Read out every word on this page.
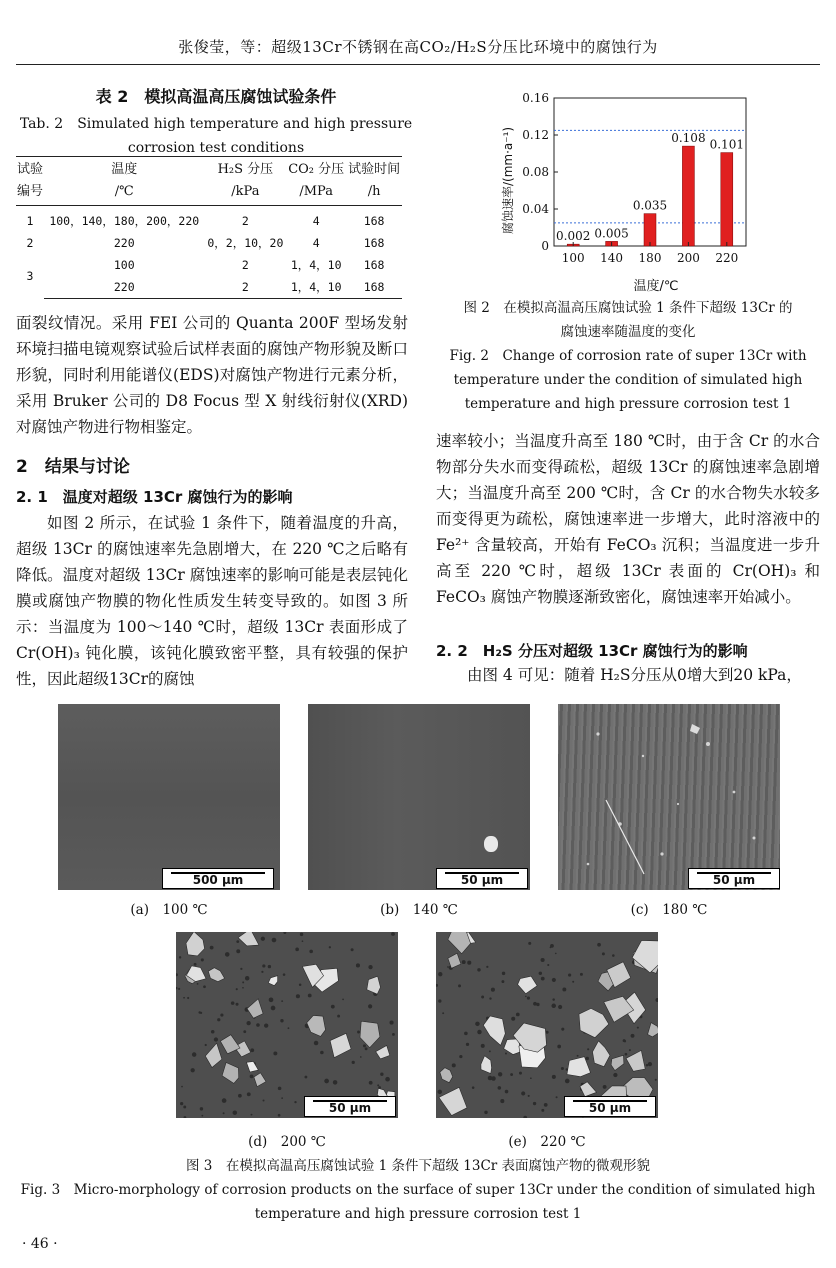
张俊莹，等：超级13Cr不锈钢在高CO₂/H₂S分压比环境中的腐蚀行为
表 2　模拟高温高压腐蚀试验条件
Tab. 2　Simulated high temperature and high pressure
corrosion test conditions
试验	温度	H₂S 分压	CO₂ 分压	试验时间
编号	/℃	/kPa	/MPa	/h
1	100，140，180，200，220	2	4	168
2	220	0，2，10，20	4	168
3	100	2	1，4，10	168
	220	2	1，4，10	168
面裂纹情况。采用 FEI 公司的 Quanta 200F 型场发射环境扫描电镜观察试验后试样表面的腐蚀产物形貌及断口形貌，同时利用能谱仪(EDS)对腐蚀产物进行元素分析，采用 Bruker 公司的 D8 Focus 型 X 射线衍射仪(XRD)对腐蚀产物进行物相鉴定。
2　结果与讨论
2. 1　温度对超级 13Cr 腐蚀行为的影响
如图 2 所示，在试验 1 条件下，随着温度的升高，超级 13Cr 的腐蚀速率先急剧增大，在 220 ℃之后略有降低。温度对超级 13Cr 腐蚀速率的影响可能是表层钝化膜或腐蚀产物膜的物化性质发生转变导致的。如图 3 所示：当温度为 100～140 ℃时，超级 13Cr 表面形成了 Cr(OH)₃ 钝化膜，该钝化膜致密平整，具有较强的保护性，因此超级13Cr的腐蚀
0
0.04
0.08
0.12
0.16
0.002
100
0.005
140
0.035
180
0.108
200
0.101
220
腐蚀速率/(mm·a⁻¹)
温度/℃
图 2　在模拟高温高压腐蚀试验 1 条件下超级 13Cr 的
腐蚀速率随温度的变化
Fig. 2　Change of corrosion rate of super 13Cr with
temperature under the condition of simulated high
temperature and high pressure corrosion test 1
速率较小；当温度升高至 180 ℃时，由于含 Cr 的水合物部分失水而变得疏松，超级 13Cr 的腐蚀速率急剧增大；当温度升高至 200 ℃时，含 Cr 的水合物失水较多而变得更为疏松，腐蚀速率进一步增大，此时溶液中的 Fe²⁺ 含量较高，开始有 FeCO₃ 沉积；当温度进一步升高至 220 ℃时，超级 13Cr 表面的 Cr(OH)₃ 和 FeCO₃ 腐蚀产物膜逐渐致密化，腐蚀速率开始减小。
2. 2　H₂S 分压对超级 13Cr 腐蚀行为的影响
由图 4 可见：随着 H₂S分压从0增大到20 kPa，
500 μm	50 μm	50 μm
(a)　100 ℃	(b)　140 ℃	(c)　180 ℃
50 μm	50 μm
(d)　200 ℃	(e)　220 ℃
图 3　在模拟高温高压腐蚀试验 1 条件下超级 13Cr 表面腐蚀产物的微观形貌
Fig. 3　Micro-morphology of corrosion products on the surface of super 13Cr under the condition of simulated high
temperature and high pressure corrosion test 1
· 46 ·
